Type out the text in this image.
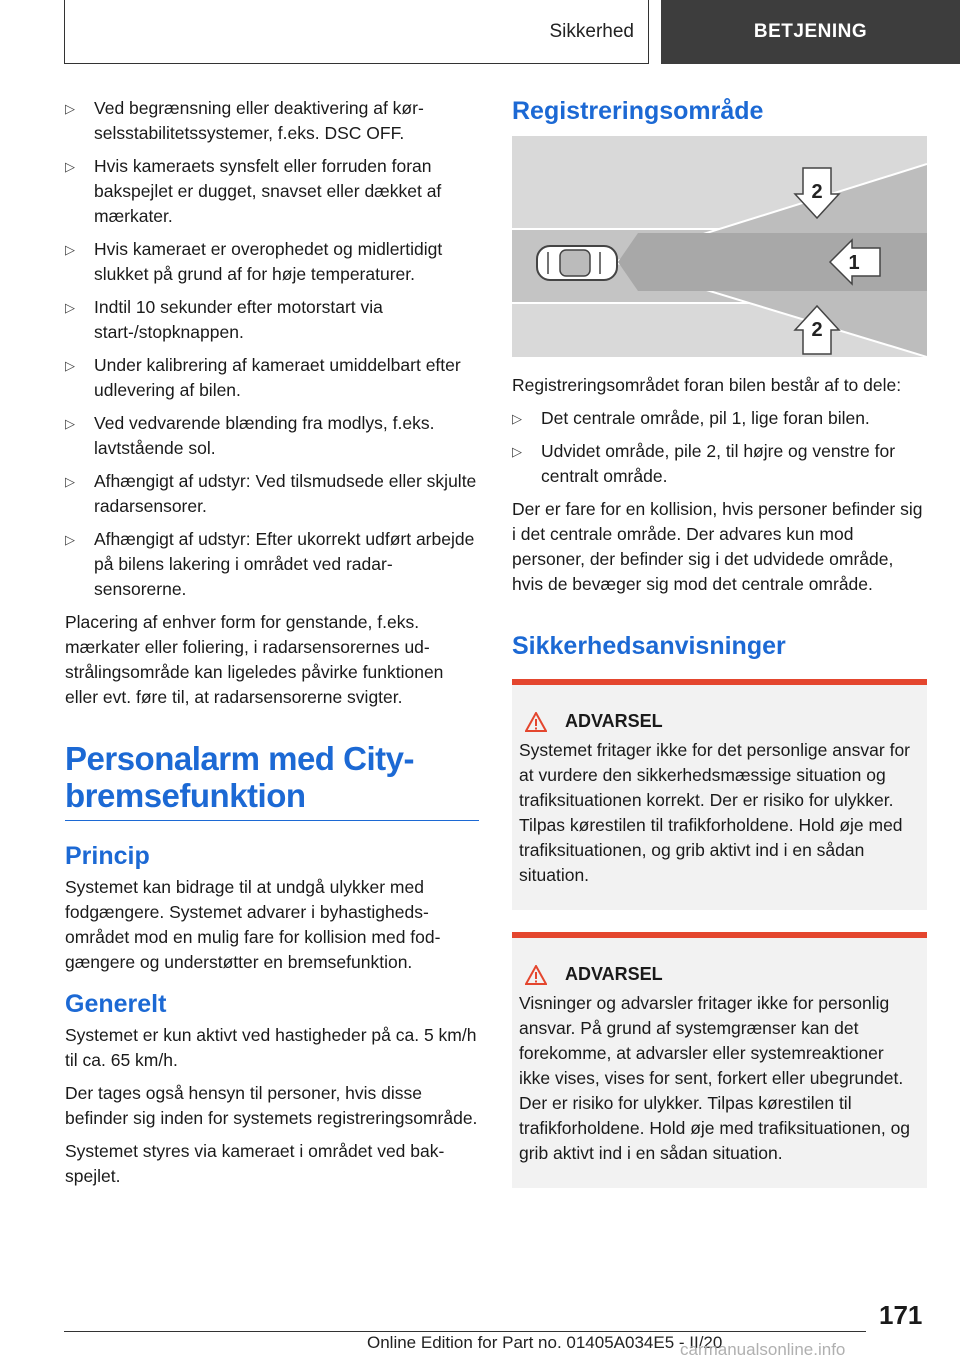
Sikkerhed	BETJENING
▷ Ved begrænsning eller deaktivering af kørselsstabilitetssystemer, f.eks. DSC OFF.
▷ Hvis kameraets synsfelt eller forruden foran bakspejlet er dugget, snavset eller dækket af mærkater.
▷ Hvis kameraet er overophedet og midlertidigt slukket på grund af for høje temperaturer.
▷ Indtil 10 sekunder efter motorstart via start-/stopknappen.
▷ Under kalibrering af kameraet umiddelbart efter udlevering af bilen.
▷ Ved vedvarende blænding fra modlys, f.eks. lavtstående sol.
▷ Afhængigt af udstyr: Ved tilsmudsede eller skjulte radarsensorer.
▷ Afhængigt af udstyr: Efter ukorrekt udført arbejde på bilens lakering i området ved radarsensorerne.

Placering af enhver form for genstande, f.eks. mærkater eller foliering, i radarsensorernes udstrålingsområde kan ligeledes påvirke funktionen eller evt. føre til, at radarsensorerne svigter.

Personalarm med City-bremsefunktion
Princip

Systemet kan bidrage til at undgå ulykker med fodgængere. Systemet advarer i byhastighedsområdet mod en mulig fare for kollision med fodgængere og understøtter en bremsefunktion.

Generelt

Systemet er kun aktivt ved hastigheder på ca. 5 km/h til ca. 65 km/h.

Der tages også hensyn til personer, hvis disse befinder sig inden for systemets registreringsområde.

Systemet styres via kameraet i området ved bakspejlet.

Registreringsområde
1
2
2

Registreringsområdet foran bilen består af to dele:

▷ Det centrale område, pil 1, lige foran bilen.
▷ Udvidet område, pile 2, til højre og venstre for centralt område.

Der er fare for en kollision, hvis personer befinder sig i det centrale område. Der advares kun mod personer, der befinder sig i det udvidede område, hvis de bevæger sig mod det centrale område.

Sikkerhedsanvisninger
ADVARSEL

Systemet fritager ikke for det personlige ansvar for at vurdere den sikkerhedsmæssige situation og trafiksituationen korrekt. Der er risiko for ulykker. Tilpas kørestilen til trafikforholdene. Hold øje med trafiksituationen, og grib aktivt ind i en sådan situation.

ADVARSEL

Visninger og advarsler fritager ikke for personlig ansvar. På grund af systemgrænser kan det forekomme, at advarsler eller systemreaktioner ikke vises, vises for sent, forkert eller ubegrundet. Der er risiko for ulykker. Tilpas kørestilen til trafikforholdene. Hold øje med trafiksituationen, og grib aktivt ind i en sådan situation.

171
Online Edition for Part no. 01405A034E5 - II/20
carmanualsonline.info
